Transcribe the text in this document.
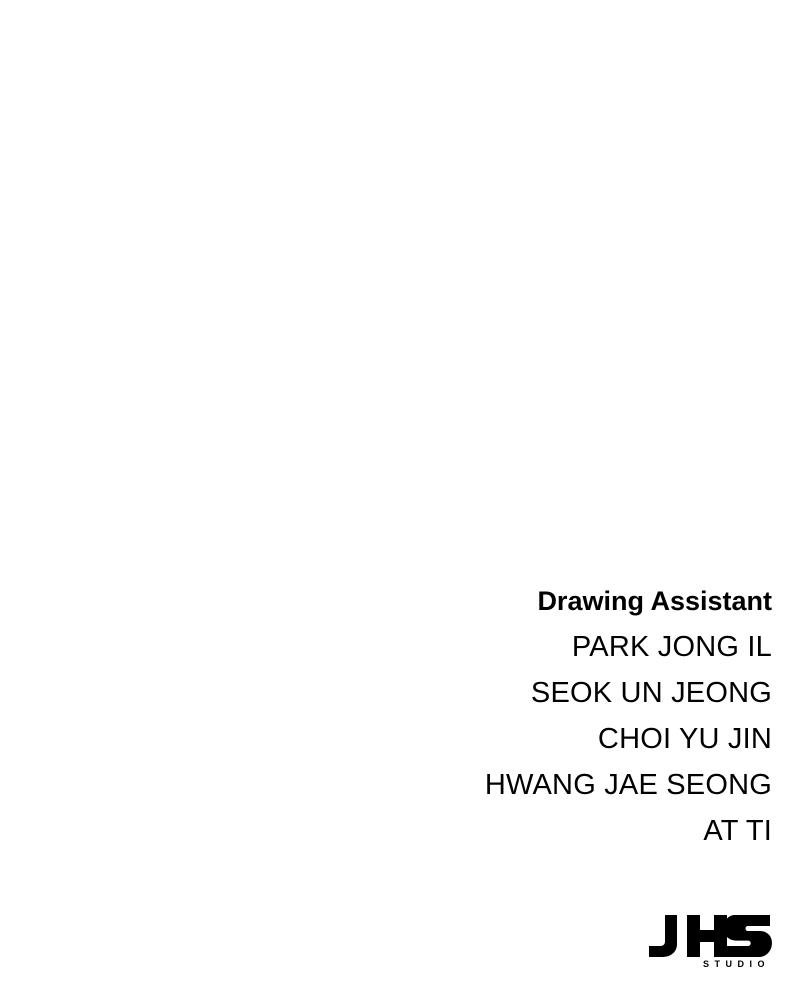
Drawing Assistant
PARK JONG IL
SEOK UN JEONG
CHOI YU JIN
HWANG JAE SEONG
AT TI
STUDIO
